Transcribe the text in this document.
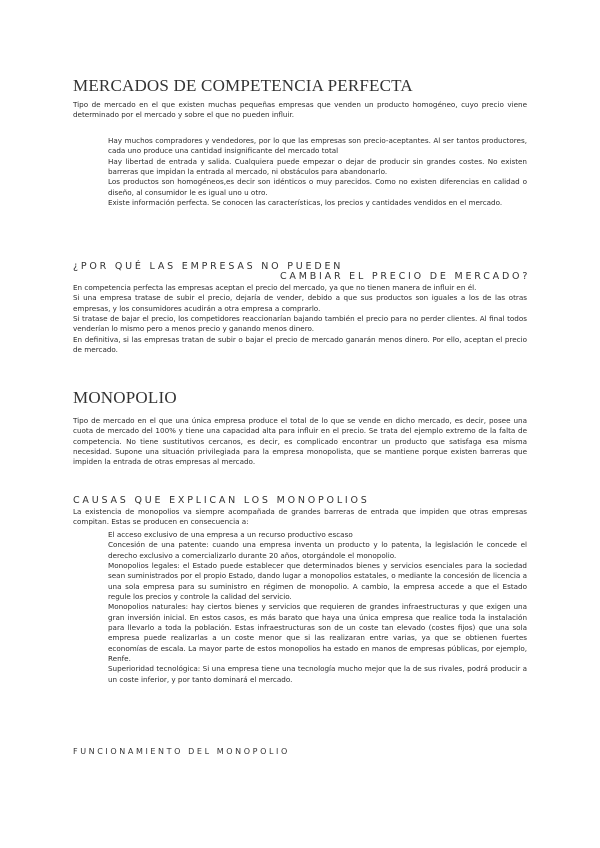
MERCADOS DE COMPETENCIA PERFECTA

Tipo de mercado en el que existen muchas pequeñas empresas que venden un producto homogéneo, cuyo precio viene determinado por el mercado y sobre el que no pueden influir.

Hay muchos compradores y vendedores, por lo que las empresas son precio-aceptantes. Al ser tantos productores, cada uno produce una cantidad insignificante del mercado total
Hay libertad de entrada y salida. Cualquiera puede empezar o dejar de producir sin grandes costes. No existen barreras que impidan la entrada al mercado, ni obstáculos para abandonarlo.
Los productos son homogéneos,es decir son idénticos o muy parecidos. Como no existen diferencias en calidad o diseño, al consumidor le es igual uno u otro.
Existe información perfecta. Se conocen las características, los precios y cantidades vendidos en el mercado.
¿POR QUÉ LAS EMPRESAS NO PUEDEN
CAMBIAR EL PRECIO DE MERCADO?

En competencia perfecta las empresas aceptan el precio del mercado, ya que no tienen manera de influir en él.

Si una empresa tratase de subir el precio, dejaría de vender, debido a que sus productos son iguales a los de las otras empresas, y los consumidores acudirán a otra empresa a comprarlo.

Si tratase de bajar el precio, los competidores reaccionarían bajando también el precio para no perder clientes. Al final todos venderían lo mismo pero a menos precio y ganando menos dinero.

En definitiva, si las empresas tratan de subir o bajar el precio de mercado ganarán menos dinero. Por ello, aceptan el precio de mercado.

MONOPOLIO

Tipo de mercado en el que una única empresa produce el total de lo que se vende en dicho mercado, es decir, posee una cuota de mercado del 100% y tiene una capacidad alta para influir en el precio. Se trata del ejemplo extremo de la falta de competencia. No tiene sustitutivos cercanos, es decir, es complicado encontrar un producto que satisfaga esa misma necesidad. Supone una situación privilegiada para la empresa monopolista, que se mantiene porque existen barreras que impiden la entrada de otras empresas al mercado.

CAUSAS QUE EXPLICAN LOS MONOPOLIOS

La existencia de monopolios va siempre acompañada de grandes barreras de entrada que impiden que otras empresas compitan. Estas se producen en consecuencia a:

El acceso exclusivo de una empresa a un recurso productivo escaso
Concesión de una patente: cuando una empresa inventa un producto y lo patenta, la legislación le concede el derecho exclusivo a comercializarlo durante 20 años, otorgándole el monopolio.
Monopolios legales: el Estado puede establecer que determinados bienes y servicios esenciales para la sociedad sean suministrados por el propio Estado, dando lugar a monopolios estatales, o mediante la concesión de licencia a una sola empresa para su suministro en régimen de monopolio. A cambio, la empresa accede a que el Estado regule los precios y controle la calidad del servicio.
Monopolios naturales: hay ciertos bienes y servicios que requieren de grandes infraestructuras y que exigen una gran inversión inicial. En estos casos, es más barato que haya una única empresa que realice toda la instalación para llevarlo a toda la población. Estas infraestructuras son de un coste tan elevado (costes fijos) que una sola empresa puede realizarlas a un coste menor que si las realizaran entre varias, ya que se obtienen fuertes economías de escala. La mayor parte de estos monopolios ha estado en manos de empresas públicas, por ejemplo, Renfe.
Superioridad tecnológica: Si una empresa tiene una tecnología mucho mejor que la de sus rivales, podrá producir a un coste inferior, y por tanto dominará el mercado.
FUNCIONAMIENTO DEL MONOPOLIO
